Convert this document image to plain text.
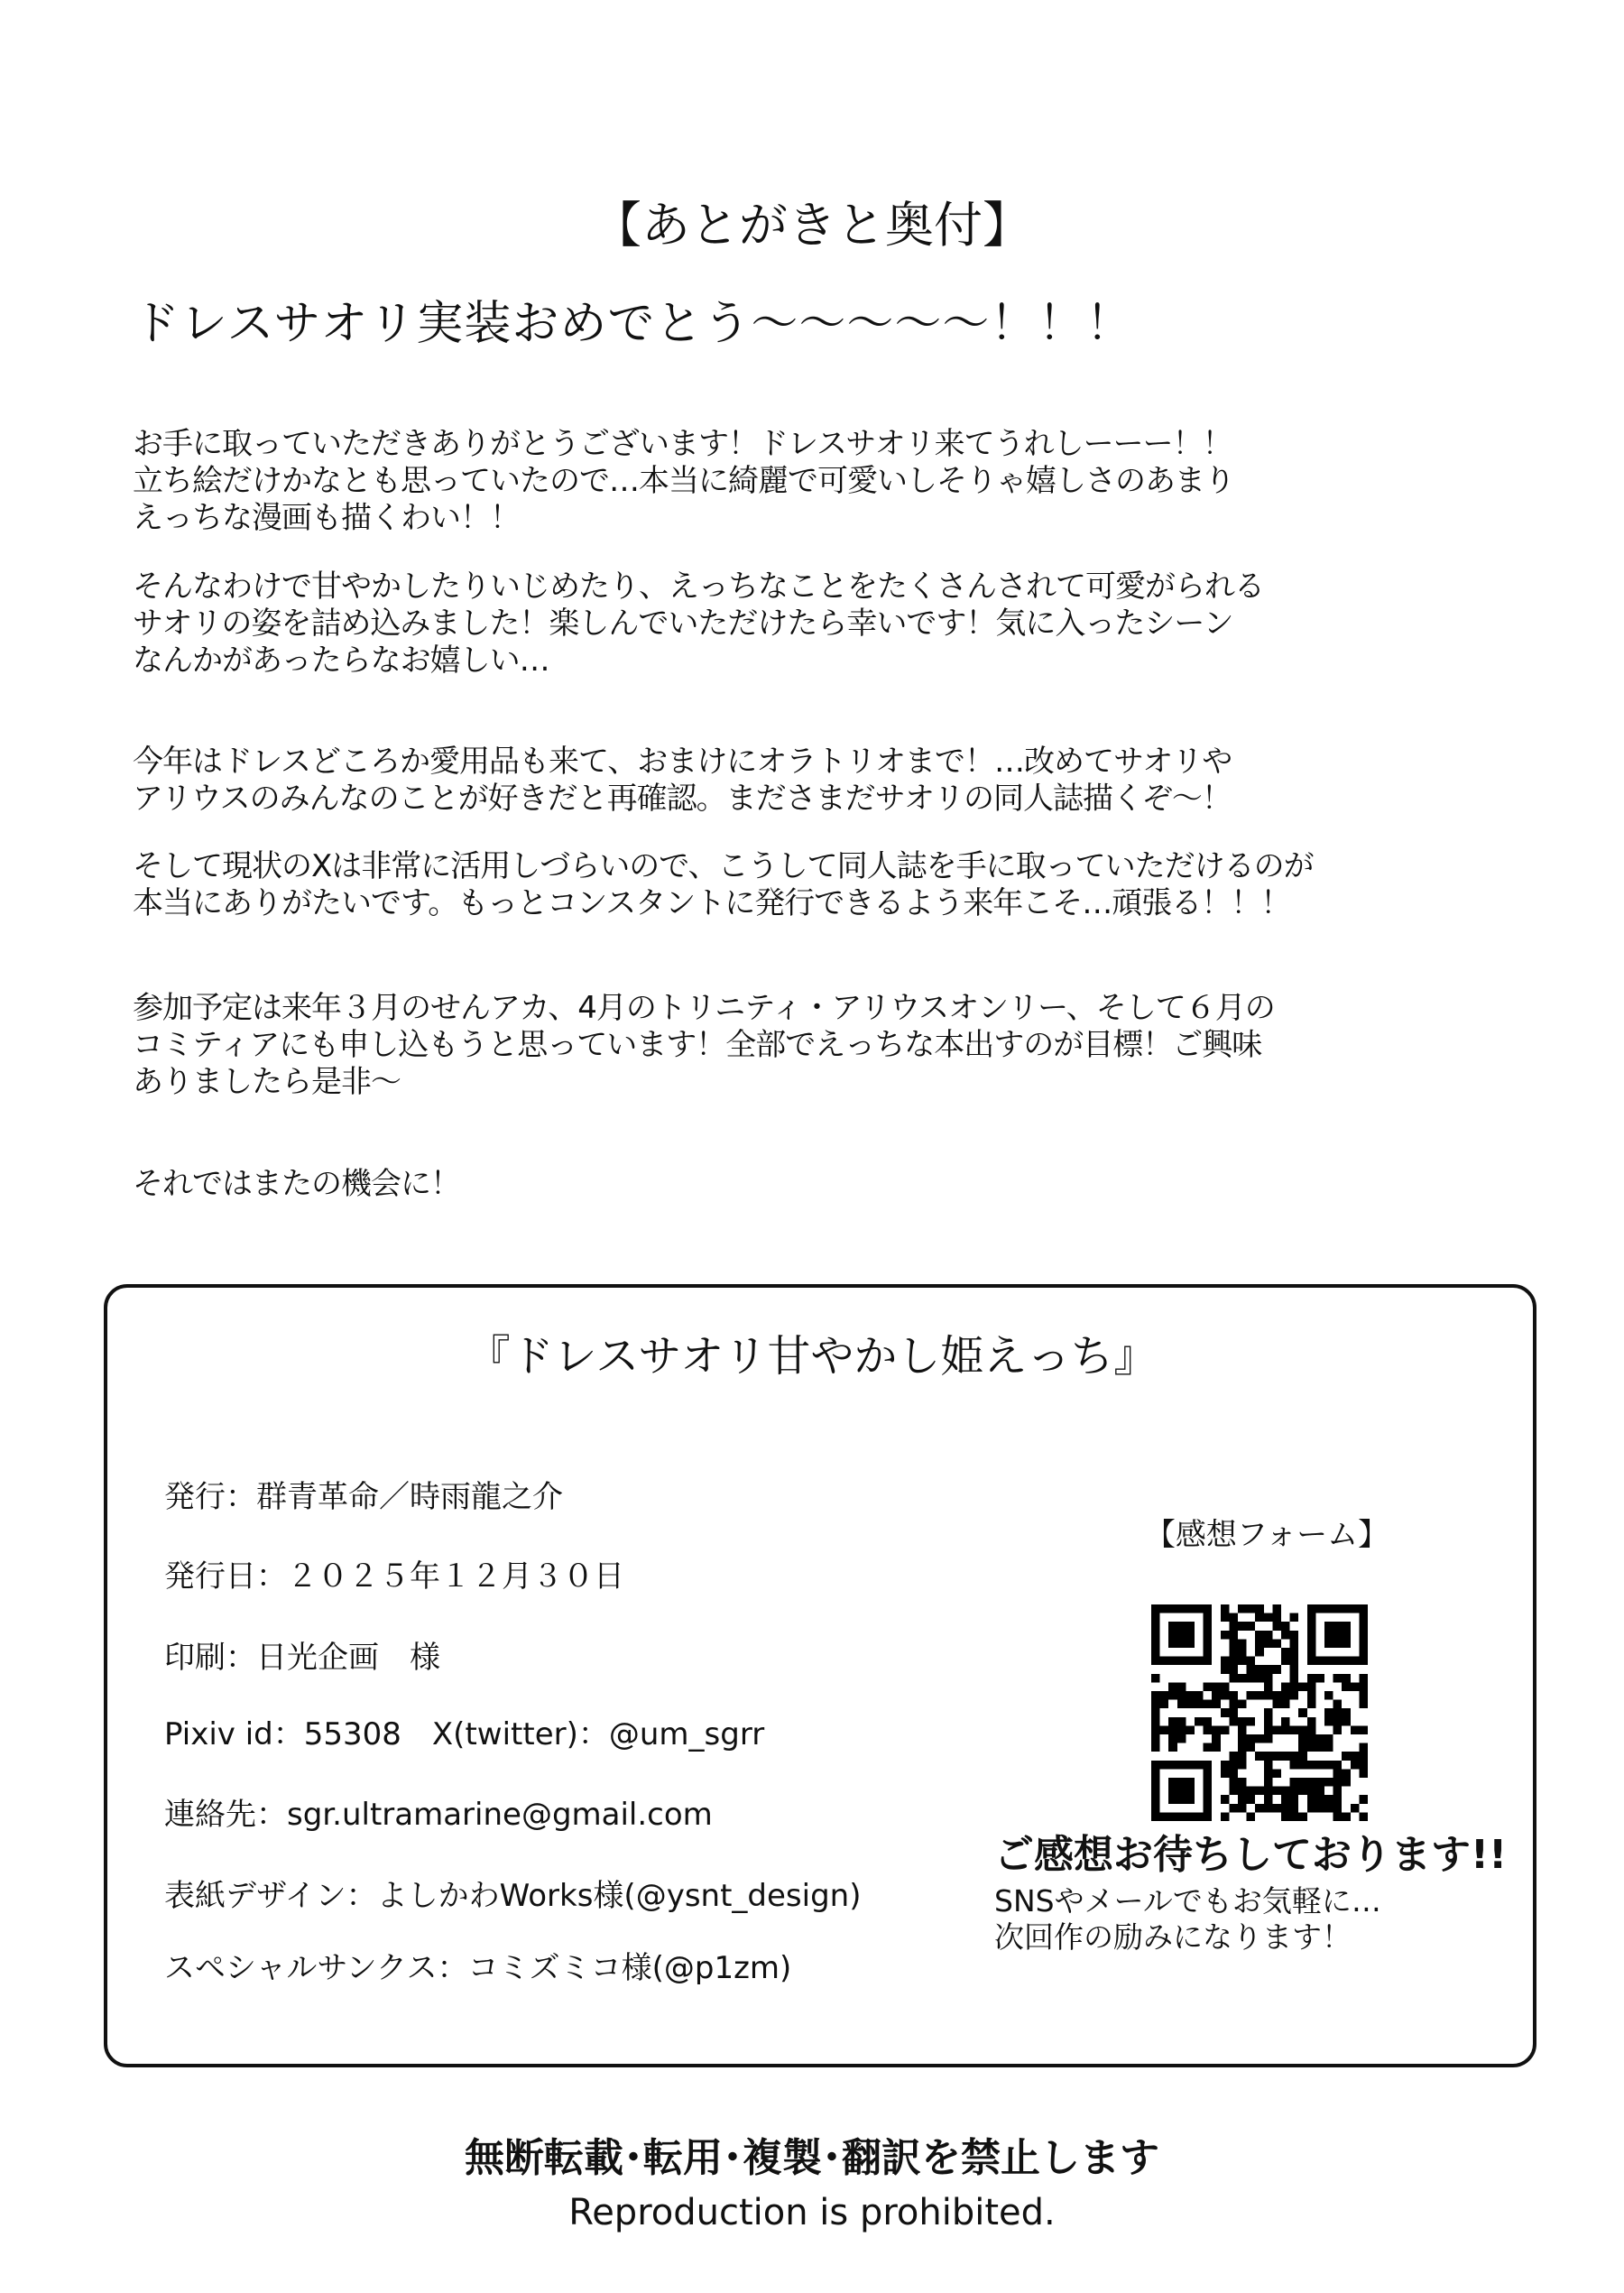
【あとがきと奥付】
ドレスサオリ実装おめでとう～～～～～！！！
お手に取っていただきありがとうございます！ドレスサオリ来てうれしーーー！！
立ち絵だけかなとも思っていたので…本当に綺麗で可愛いしそりゃ嬉しさのあまり
えっちな漫画も描くわい！！
そんなわけで甘やかしたりいじめたり、えっちなことをたくさんされて可愛がられる
サオリの姿を詰め込みました！楽しんでいただけたら幸いです！気に入ったシーン
なんかがあったらなお嬉しい…
今年はドレスどころか愛用品も来て、おまけにオラトリオまで！…改めてサオリや
アリウスのみんなのことが好きだと再確認。まださまだサオリの同人誌描くぞ～！
そして現状のXは非常に活用しづらいので、こうして同人誌を手に取っていただけるのが
本当にありがたいです。もっとコンスタントに発行できるよう来年こそ…頑張る！！！
参加予定は来年３月のせんアカ、4月のトリニティ・アリウスオンリー、そして６月の
コミティアにも申し込もうと思っています！全部でえっちな本出すのが目標！ご興味
ありましたら是非～
それではまたの機会に！
『ドレスサオリ甘やかし姫えっち』
発行：群青革命／時雨龍之介
発行日：２０２５年１２月３０日
印刷：日光企画　様
Pixiv id：55308　X(twitter)：@um_sgrr
連絡先：sgr.ultramarine@gmail.com
表紙デザイン：よしかわWorks様(@ysnt_design)
スペシャルサンクス：コミズミコ様(@p1zm)
【感想フォーム】
ご感想お待ちしております!!
SNSやメールでもお気軽に…
次回作の励みになります！
無断転載･転用･複製･翻訳を禁止します
Reproduction is prohibited.
